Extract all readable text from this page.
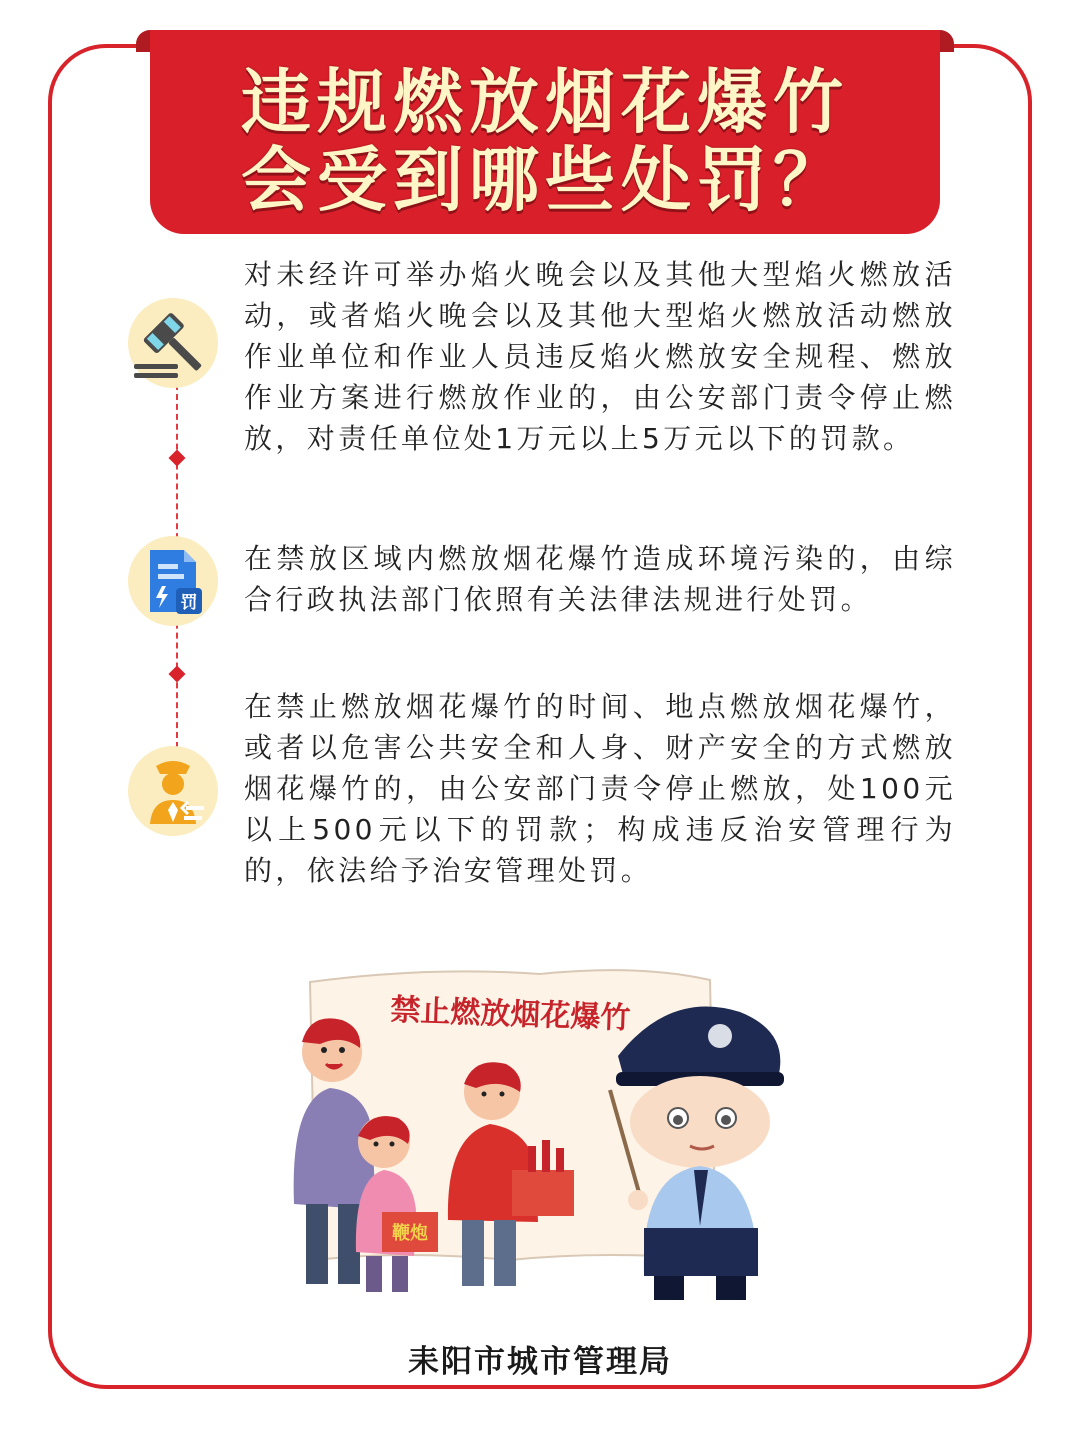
违规燃放烟花爆竹
会受到哪些处罚？
罚

对未经许可举办焰火晚会以及其他大型焰火燃放活动，或者焰火晚会以及其他大型焰火燃放活动燃放作业单位和作业人员违反焰火燃放安全规程、燃放作业方案进行燃放作业的，由公安部门责令停止燃放，对责任单位处1万元以上5万元以下的罚款。

在禁放区域内燃放烟花爆竹造成环境污染的，由综合行政执法部门依照有关法律法规进行处罚。

在禁止燃放烟花爆竹的时间、地点燃放烟花爆竹，或者以危害公共安全和人身、财产安全的方式燃放烟花爆竹的，由公安部门责令停止燃放，处100元以上500元以下的罚款；构成违反治安管理行为的，依法给予治安管理处罚。

禁止燃放烟花爆竹
鞭炮
耒阳市城市管理局
